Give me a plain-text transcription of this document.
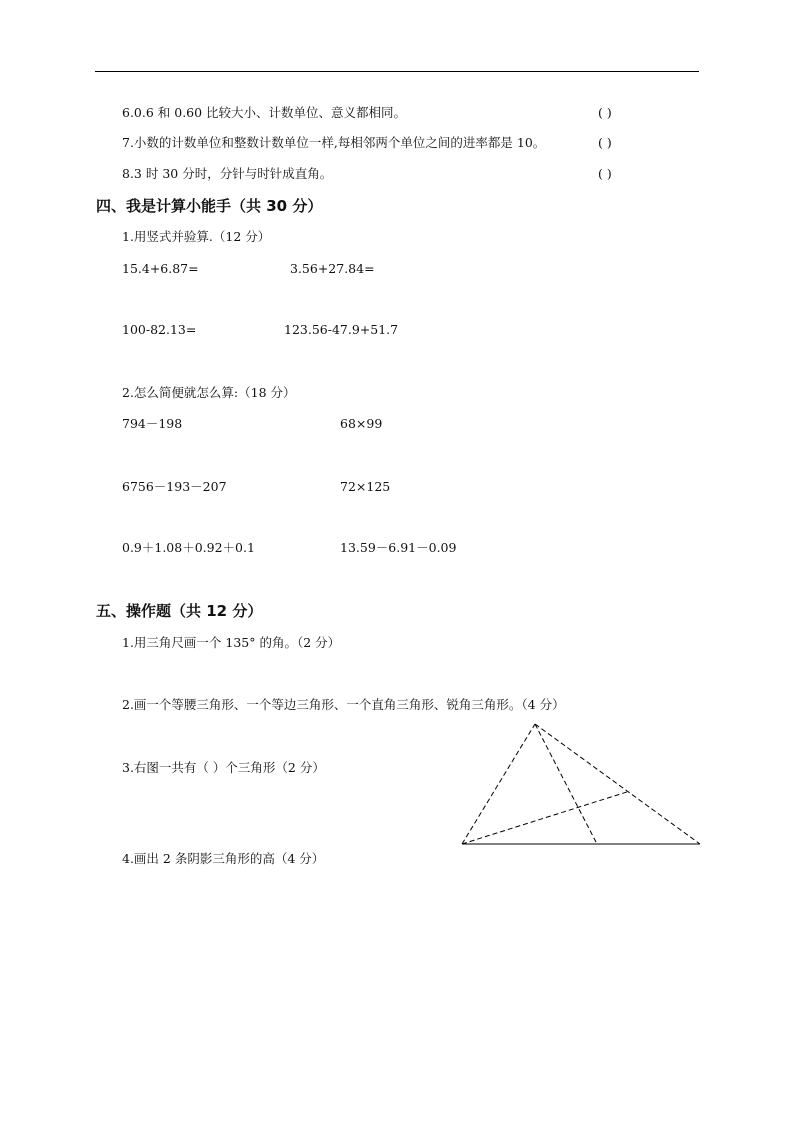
6.0.6 和 0.60 比较大小、计数单位、意义都相同。	( )
7.小数的计数单位和整数计数单位一样,每相邻两个单位之间的进率都是 10。	( )
8.3 时 30 分时，分针与时针成直角。	( )
四、我是计算小能手（共 30 分）
1.用竖式并验算.（12 分）
15.4+6.87=	3.56+27.84=
100-82.13=	123.56-47.9+51.7
2.怎么简便就怎么算:（18 分）
794－198	68×99
6756－193－207	72×125
0.9＋1.08＋0.92＋0.1	13.59－6.91－0.09
五、操作题（共 12 分）
1.用三角尺画一个 135° 的角。（2 分）
2.画一个等腰三角形、一个等边三角形、一个直角三角形、锐角三角形。（4 分）
3.右图一共有（ ）个三角形（2 分）
4.画出 2 条阴影三角形的高（4 分）
